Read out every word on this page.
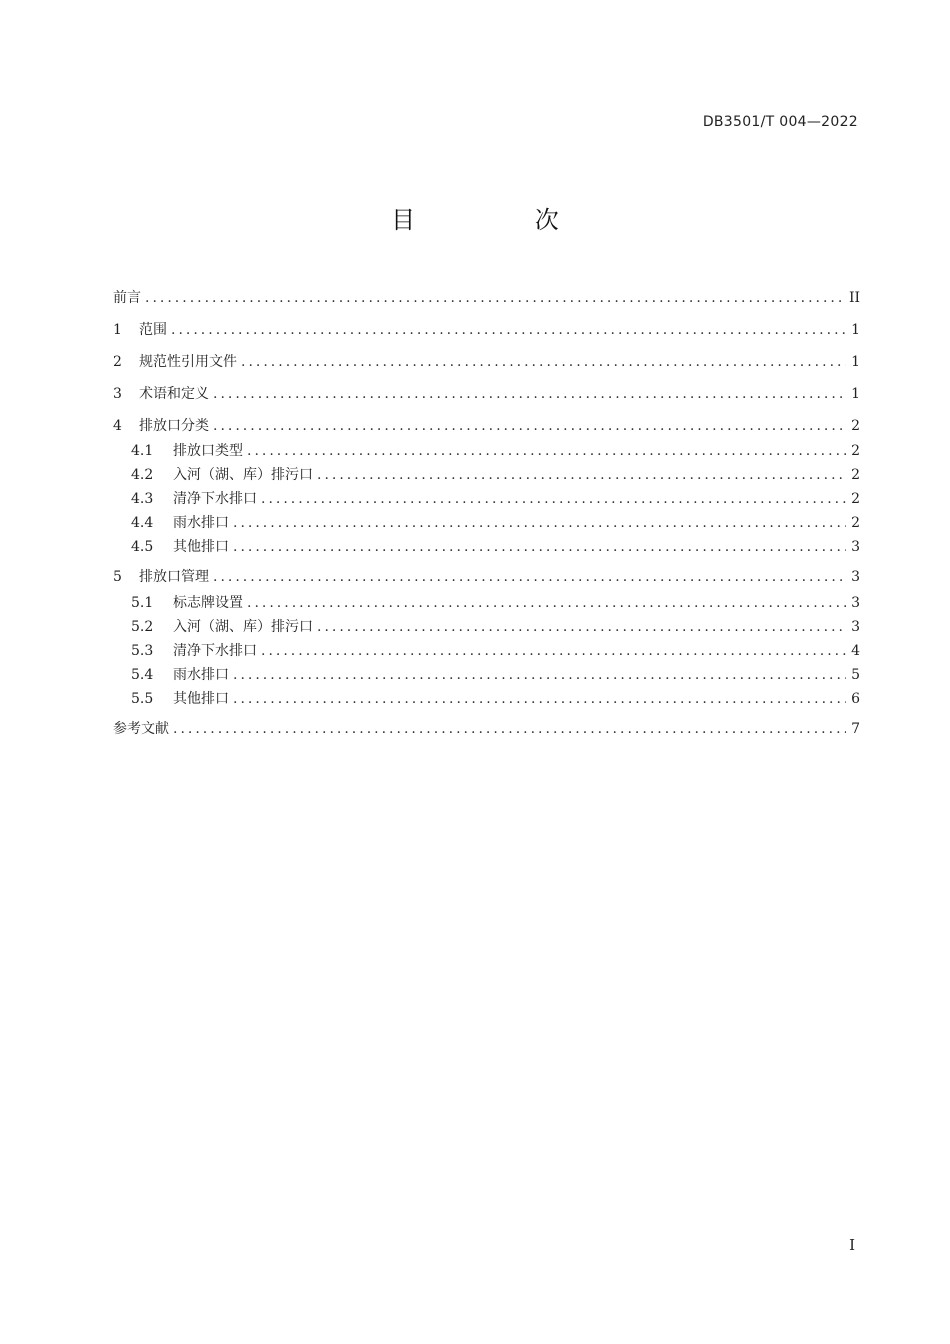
DB3501/T 004—2022
目 次
前言 .....	II
1	范围 .....	1
2	规范性引用文件 .....	1
3	术语和定义 .....	1
4	排放口分类 .....	2
4.1	排放口类型 .....	2
4.2	入河（湖、库）排污口 .....	2
4.3	清净下水排口 .....	2
4.4	雨水排口 .....	2
4.5	其他排口 .....	3
5	排放口管理 .....	3
5.1	标志牌设置 .....	3
5.2	入河（湖、库）排污口 .....	3
5.3	清净下水排口 .....	4
5.4	雨水排口 .....	5
5.5	其他排口 .....	6
参考文献 .....	7
I
